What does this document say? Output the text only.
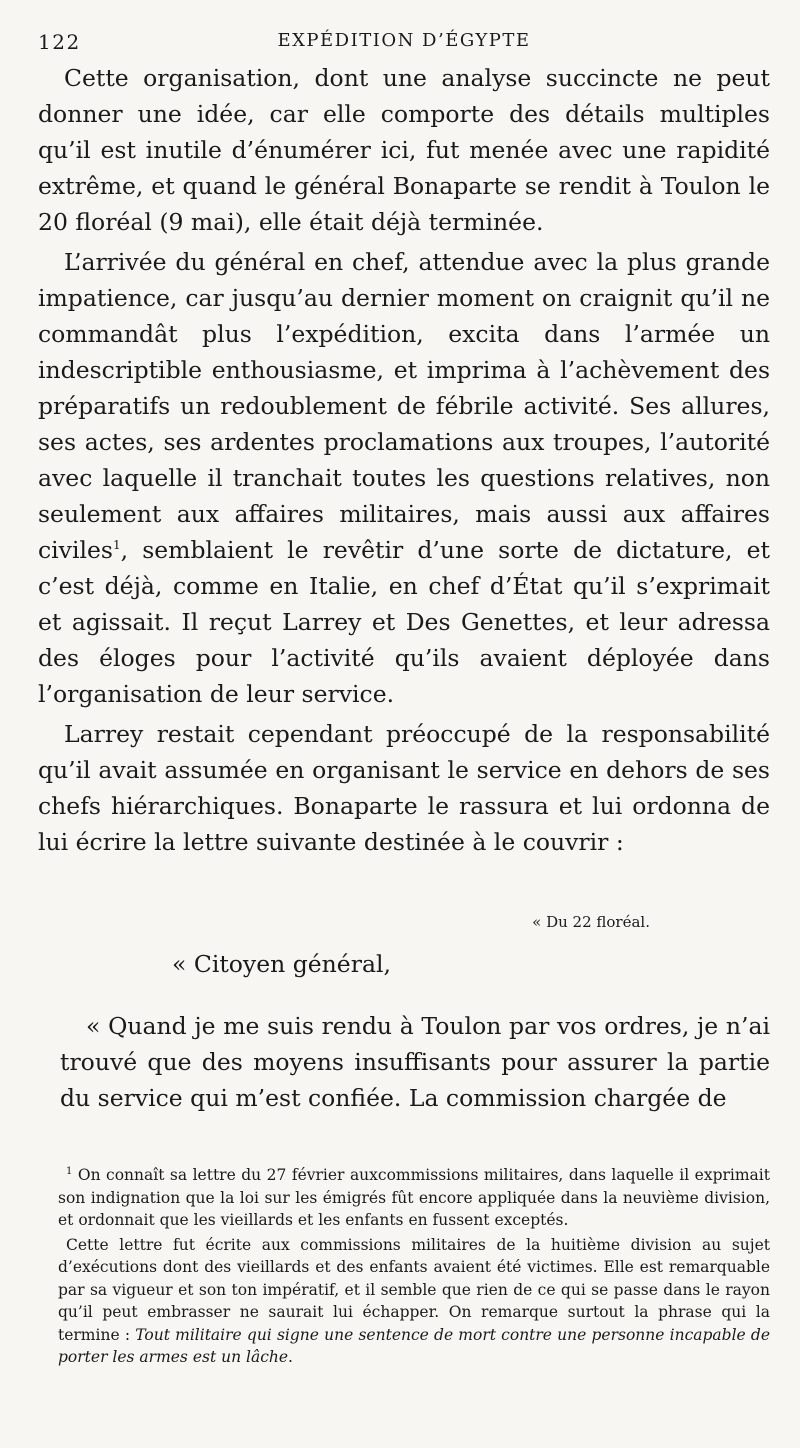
122	EXPÉDITION D’ÉGYPTE

Cette organisation, dont une analyse succincte ne peut donner une idée, car elle comporte des détails multiples qu’il est inutile d’énumérer ici, fut menée avec une rapidité extrême, et quand le général Bonaparte se rendit à Toulon le 20 floréal (9 mai), elle était déjà terminée.

L’arrivée du général en chef, attendue avec la plus grande impatience, car jusqu’au dernier moment on craignit qu’il ne commandât plus l’expédition, excita dans l’armée un indescriptible enthousiasme, et imprima à l’achèvement des préparatifs un redoublement de fébrile activité. Ses allures, ses actes, ses ardentes proclamations aux troupes, l’autorité avec laquelle il tranchait toutes les questions relatives, non seulement aux affaires militaires, mais aussi aux affaires civiles$^1$, semblaient le revêtir d’une sorte de dictature, et c’est déjà, comme en Italie, en chef d’État qu’il s’exprimait et agissait. Il reçut Larrey et Des Genettes, et leur adressa des éloges pour l’activité qu’ils avaient déployée dans l’organisation de leur service.

Larrey restait cependant préoccupé de la responsabilité qu’il avait assumée en organisant le service en dehors de ses chefs hiérarchiques. Bonaparte le rassura et lui ordonna de lui écrire la lettre suivante destinée à le couvrir :

« Du 22 floréal.
« Citoyen général,
« Quand je me suis rendu à Toulon par vos ordres, je n’ai trouvé que des moyens insuffisants pour assurer la partie du service qui m’est confiée. La commission chargée de

$^1$ On connaît sa lettre du 27 février auxcommissions militaires, dans laquelle il exprimait son indignation que la loi sur les émigrés fût encore appliquée dans la neuvième division, et ordonnait que les vieillards et les enfants en fussent exceptés.

Cette lettre fut écrite aux commissions militaires de la huitième division au sujet d’exécutions dont des vieillards et des enfants avaient été victimes. Elle est remarquable par sa vigueur et son ton impératif, et il semble que rien de ce qui se passe dans le rayon qu’il peut embrasser ne saurait lui échapper. On remarque surtout la phrase qui la termine : Tout militaire qui signe une sentence de mort contre une personne incapable de porter les armes est un lâche.
